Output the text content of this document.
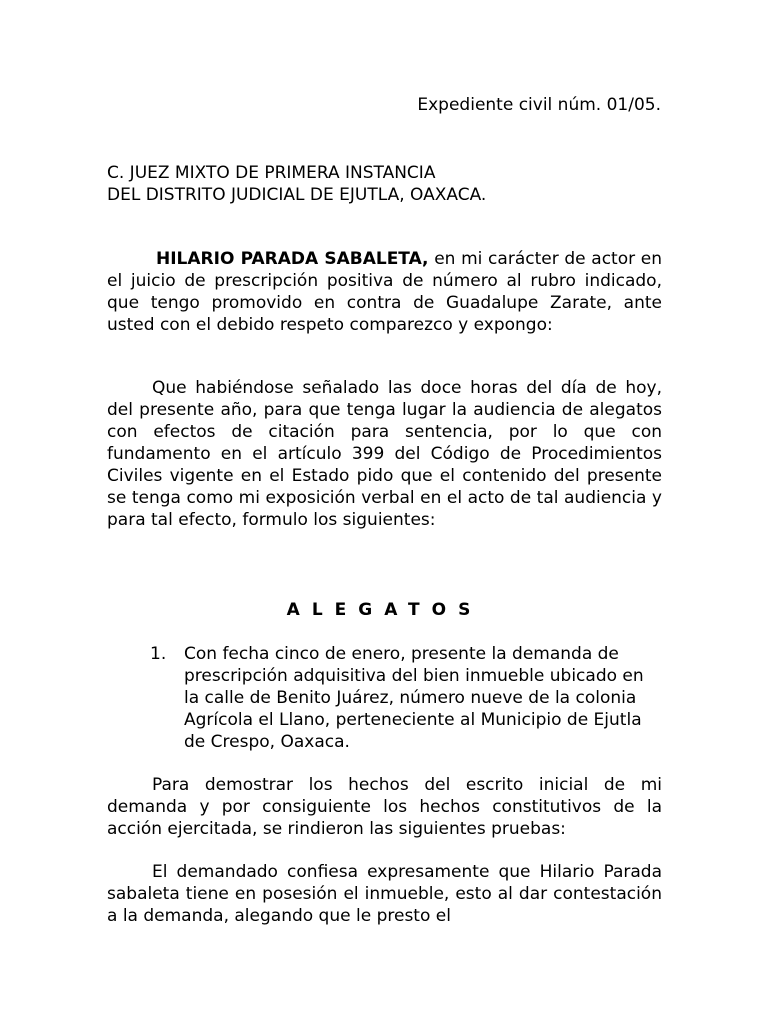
Expediente civil núm. 01/05.
C. JUEZ MIXTO DE PRIMERA INSTANCIA
DEL DISTRITO JUDICIAL DE EJUTLA, OAXACA.
HILARIO PARADA SABALETA, en mi carácter de actor en el juicio de prescripción positiva de número al rubro indicado, que tengo promovido en contra de Guadalupe Zarate, ante usted con el debido respeto comparezco y expongo:
Que habiéndose señalado las doce horas del día de hoy, del presente año, para que tenga lugar la audiencia de alegatos con efectos de citación para sentencia, por lo que con fundamento en el artículo 399 del Código de Procedimientos Civiles vigente en el Estado pido que el contenido del presente se tenga como mi exposición verbal en el acto de tal audiencia y para tal efecto, formulo los siguientes:
ALEGATOS
1. Con fecha cinco de enero, presente la demanda de prescripción adquisitiva del bien inmueble ubicado en la calle de Benito Juárez, número nueve de la colonia Agrícola el Llano, perteneciente al Municipio de Ejutla de Crespo, Oaxaca.
Para demostrar los hechos del escrito inicial de mi demanda y por consiguiente los hechos constitutivos de la acción ejercitada, se rindieron las siguientes pruebas:
El demandado confiesa expresamente que Hilario Parada sabaleta tiene en posesión el inmueble, esto al dar contestación a la demanda, alegando que le presto el
